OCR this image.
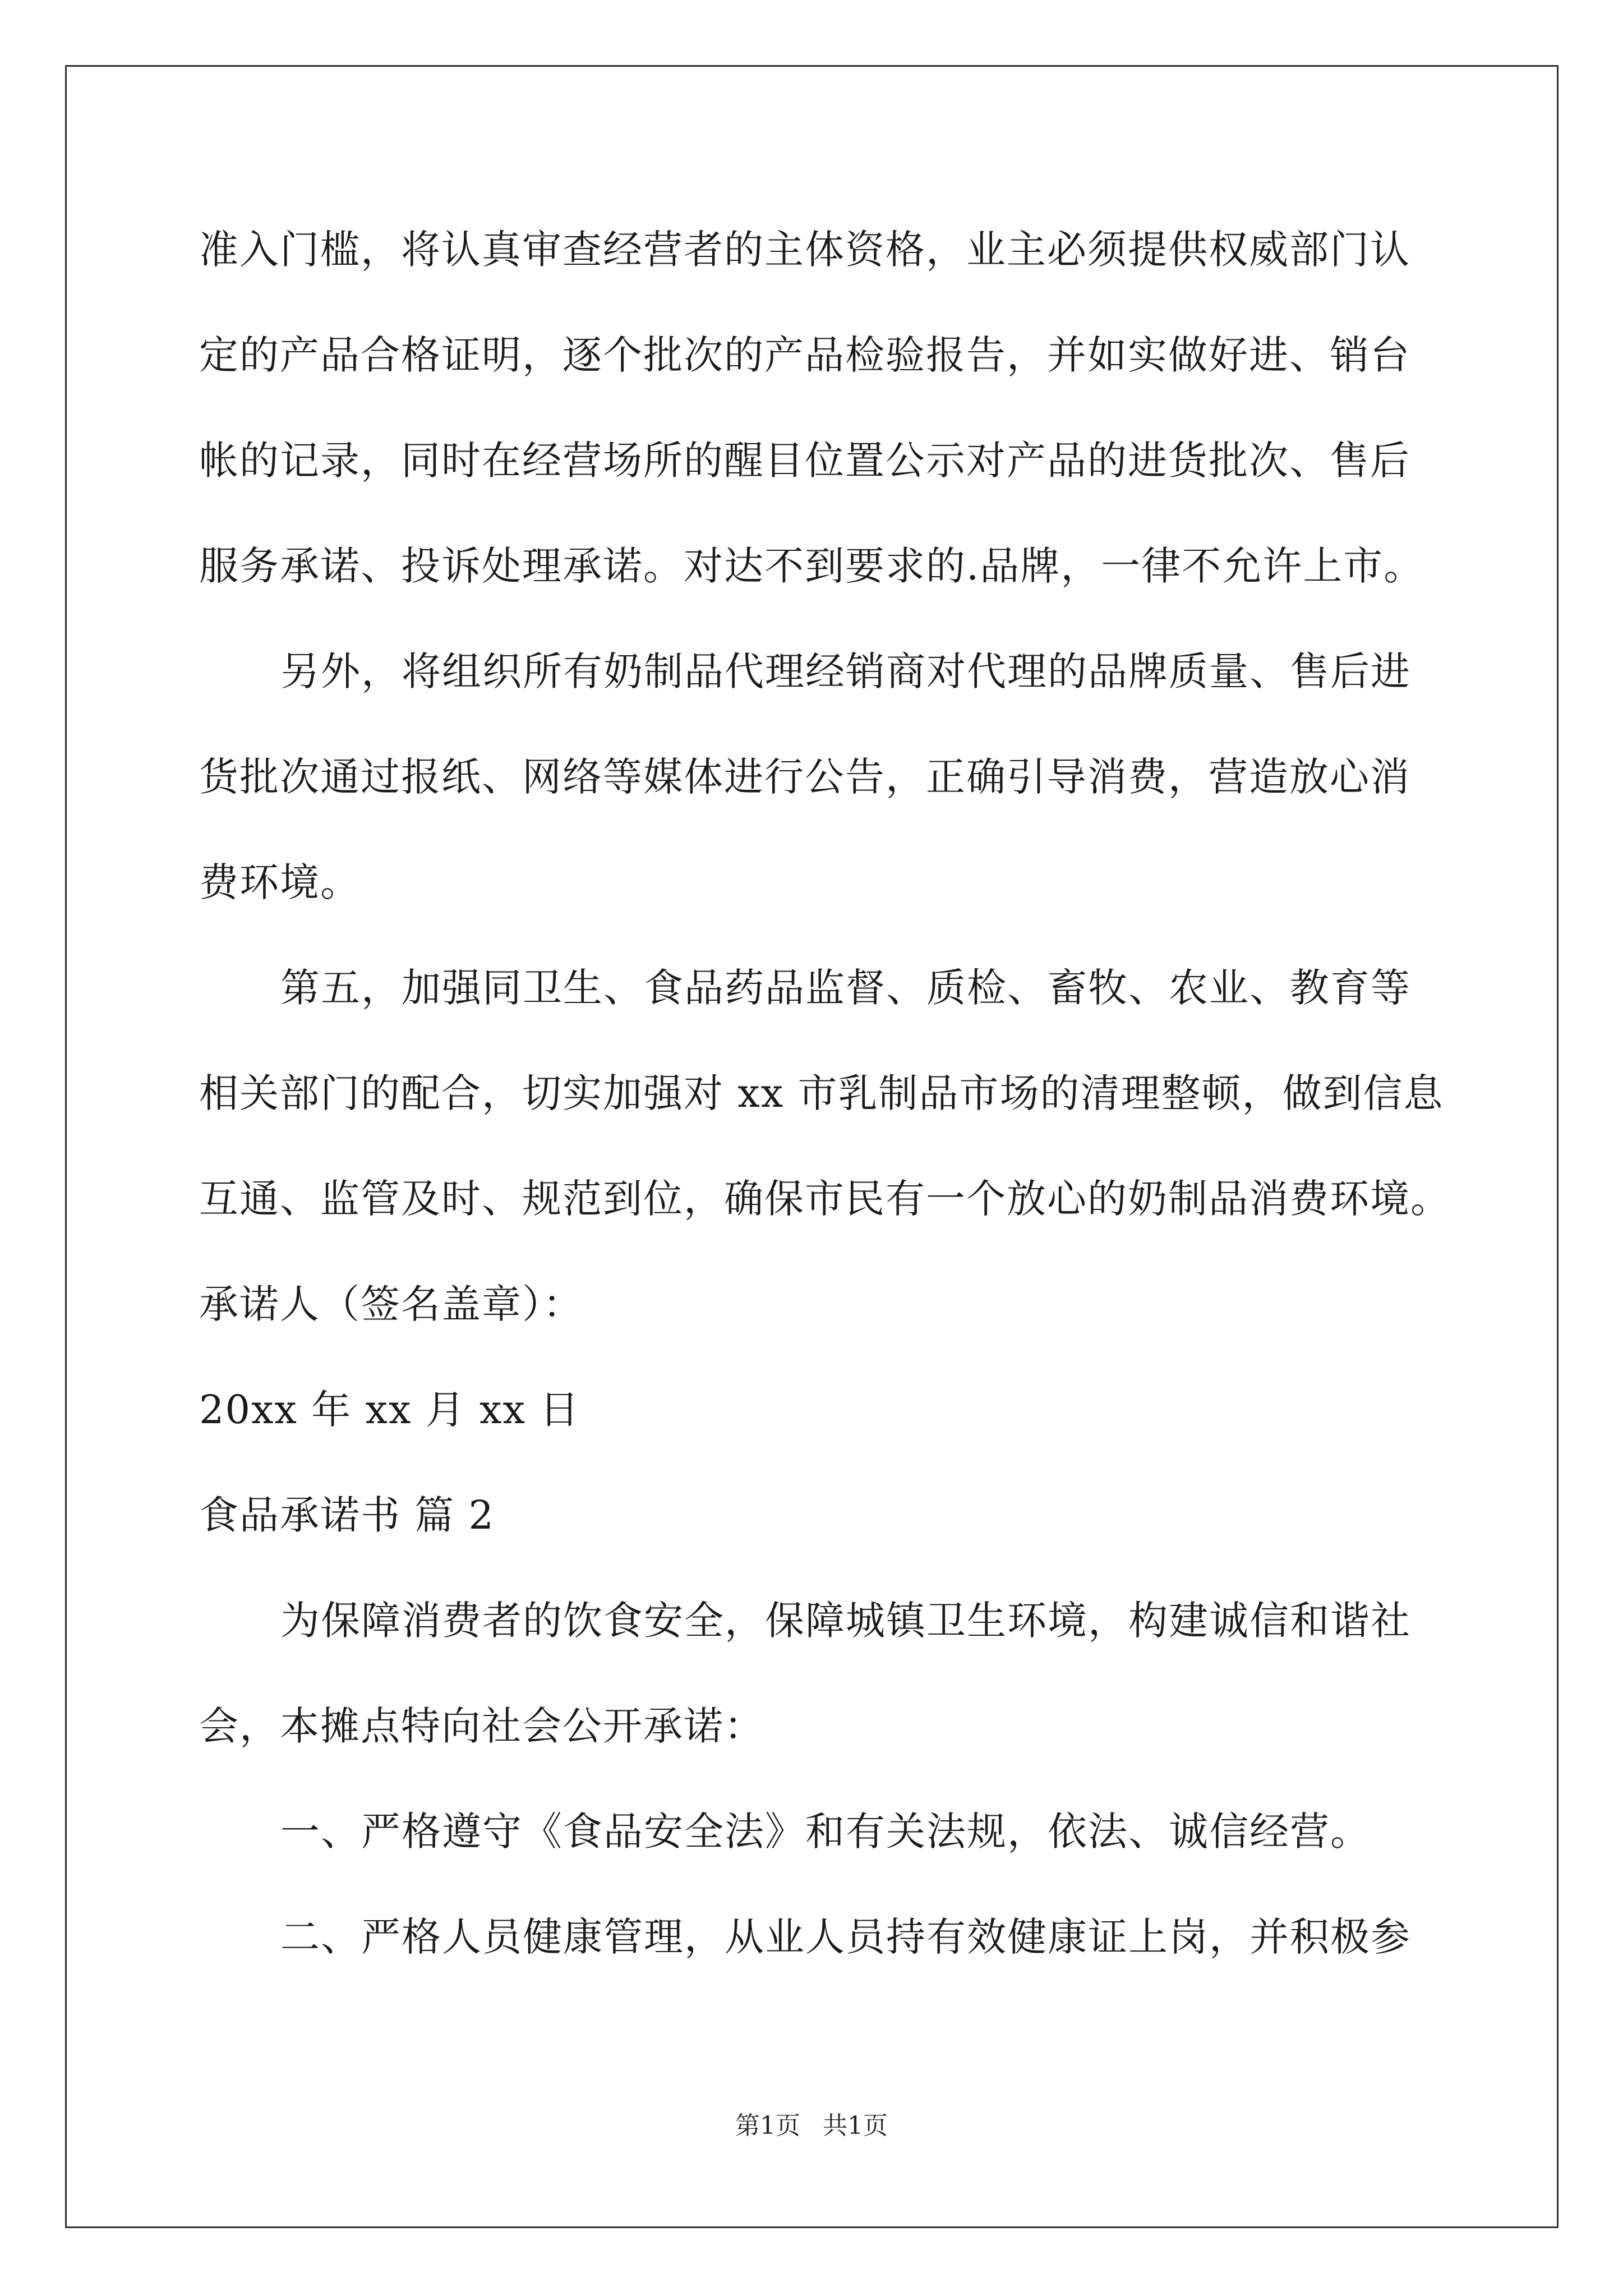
准入门槛，将认真审查经营者的主体资格，业主必须提供权威部门认
定的产品合格证明，逐个批次的产品检验报告，并如实做好进、销台
帐的记录，同时在经营场所的醒目位置公示对产品的进货批次、售后
服务承诺、投诉处理承诺。对达不到要求的.品牌，一律不允许上市。
另外，将组织所有奶制品代理经销商对代理的品牌质量、售后进
货批次通过报纸、网络等媒体进行公告，正确引导消费，营造放心消
费环境。
第五，加强同卫生、食品药品监督、质检、畜牧、农业、教育等
相关部门的配合，切实加强对 xx 市乳制品市场的清理整顿，做到信息
互通、监管及时、规范到位，确保市民有一个放心的奶制品消费环境。
承诺人（签名盖章）：
20xx 年 xx 月 xx 日
食品承诺书 篇 2
为保障消费者的饮食安全，保障城镇卫生环境，构建诚信和谐社
会，本摊点特向社会公开承诺：
一、严格遵守《食品安全法》和有关法规，依法、诚信经营。
二、严格人员健康管理，从业人员持有效健康证上岗，并积极参
第1页 共1页
